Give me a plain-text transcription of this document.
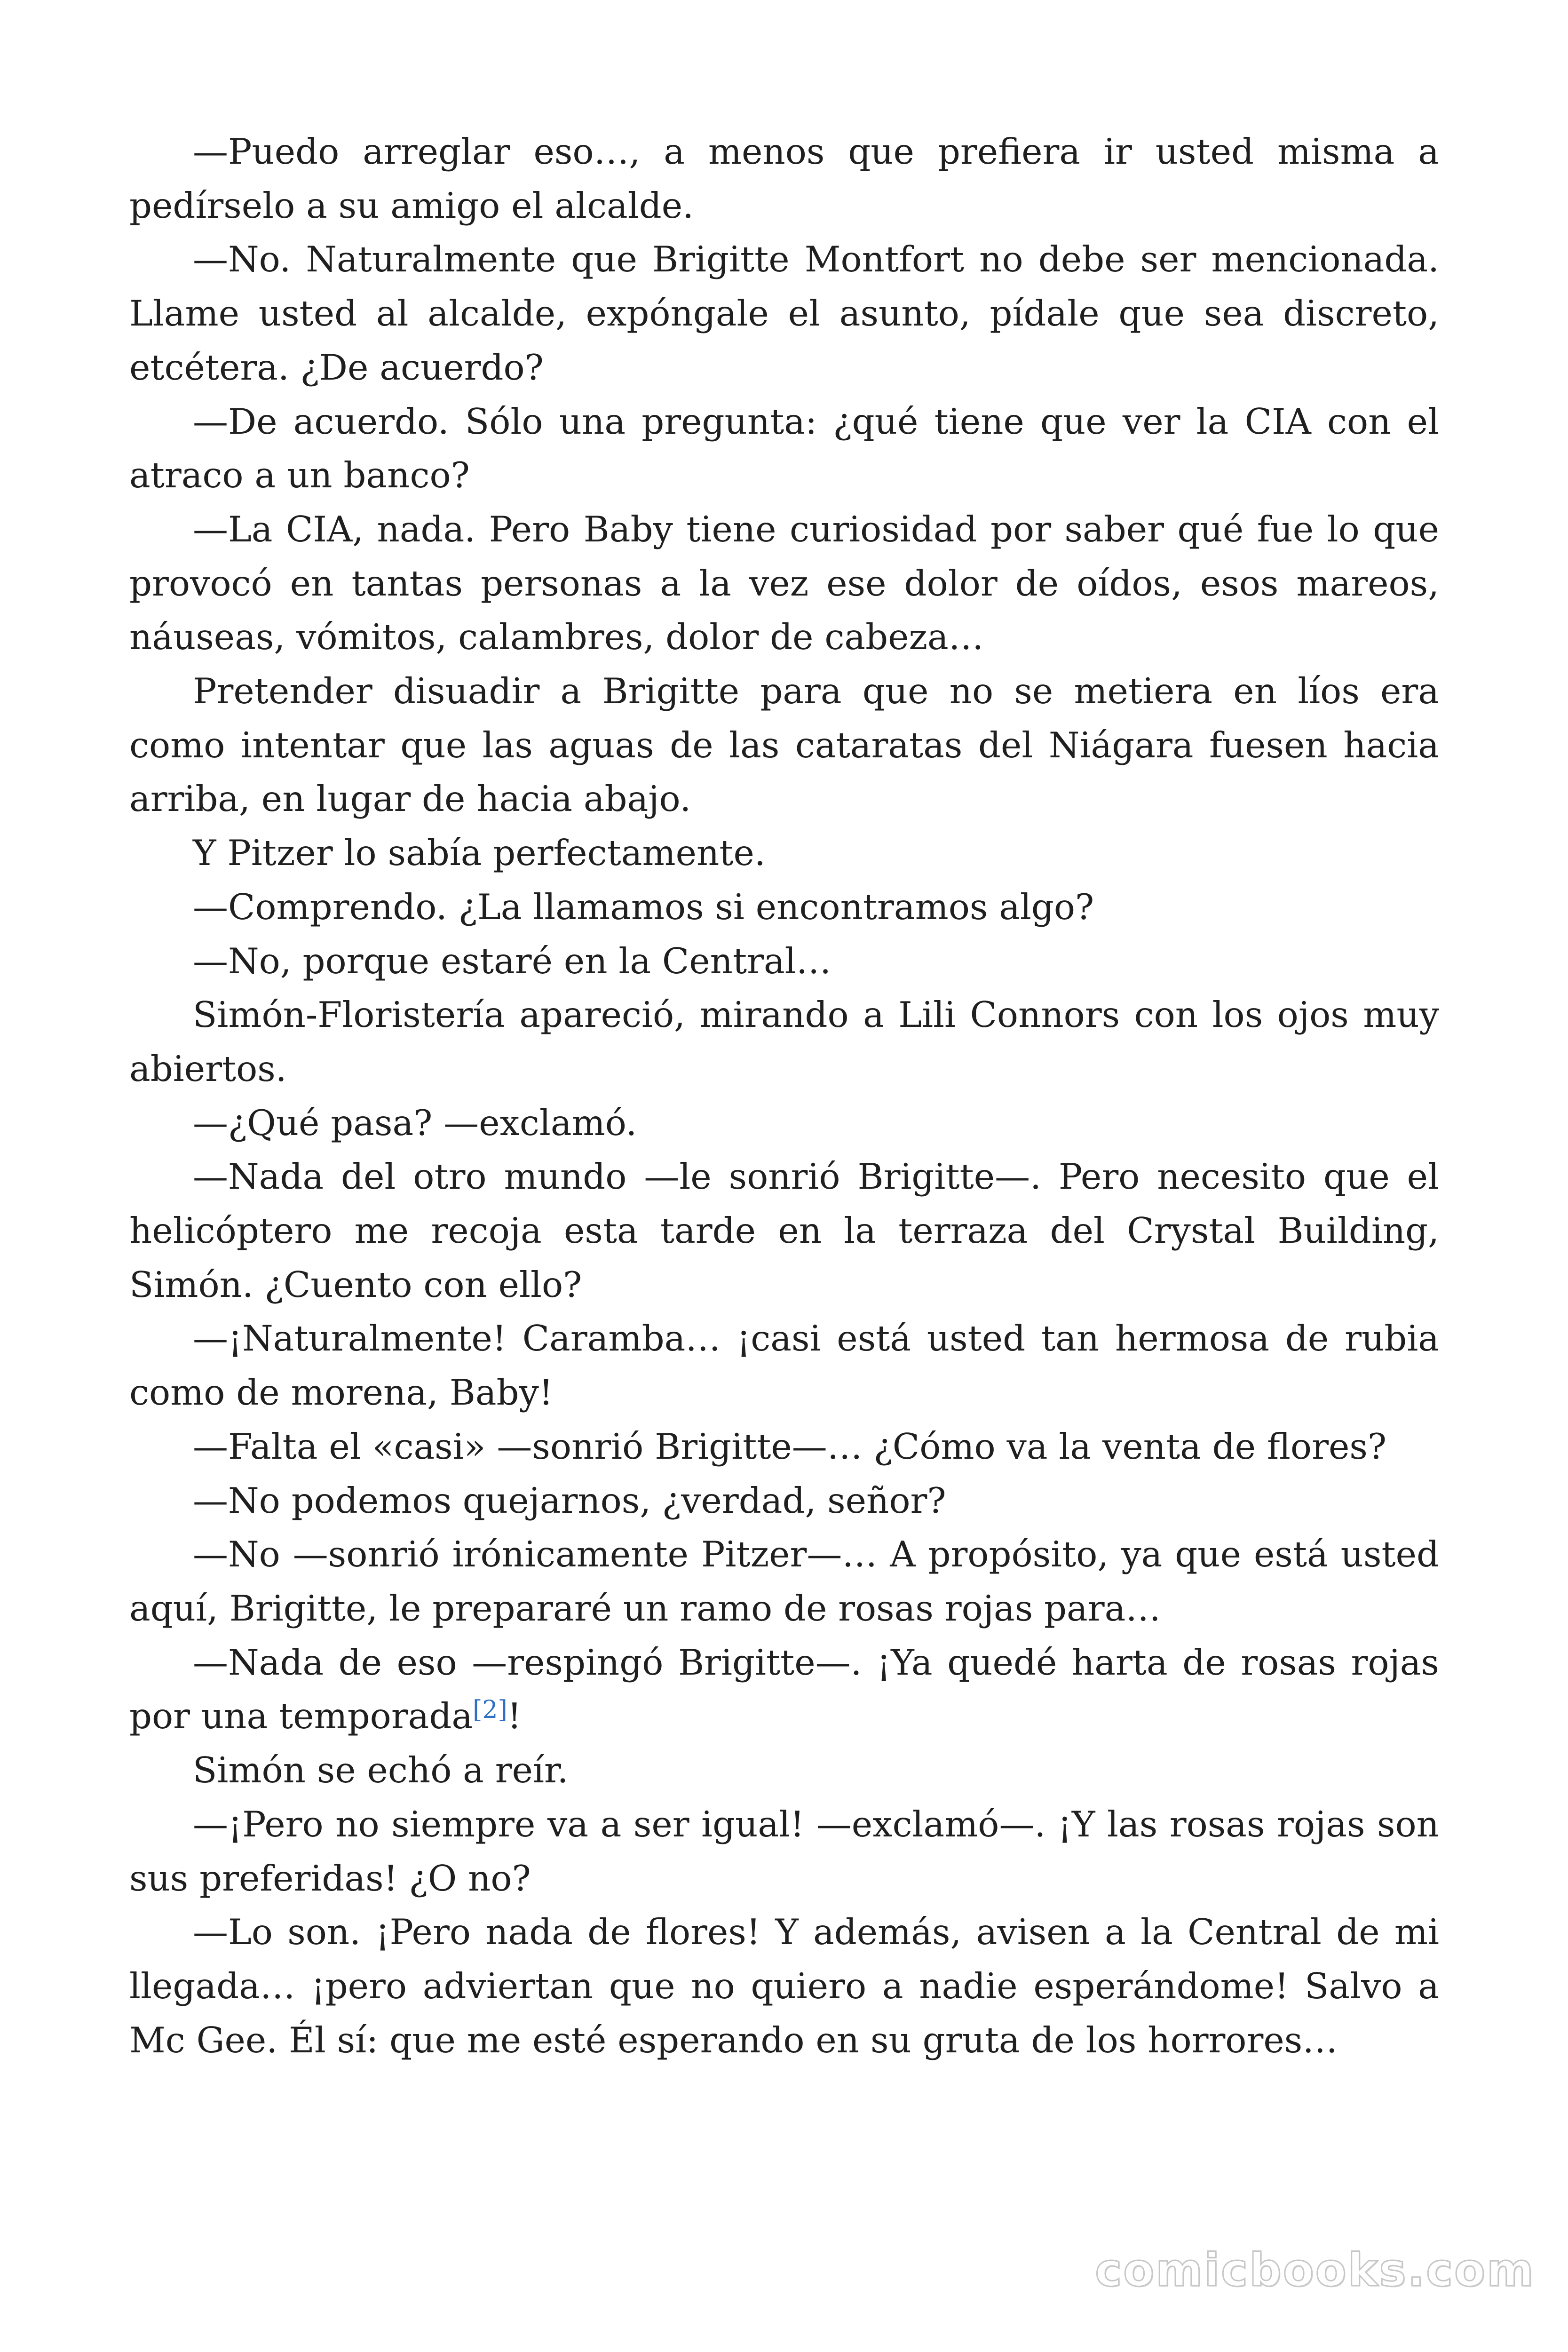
—Puedo arreglar eso…, a menos que prefiera ir usted misma a pedírselo a su amigo el alcalde.

—No. Naturalmente que Brigitte Montfort no debe ser mencionada. Llame usted al alcalde, expóngale el asunto, pídale que sea discreto, etcétera. ¿De acuerdo?

—De acuerdo. Sólo una pregunta: ¿qué tiene que ver la CIA con el atraco a un banco?

—La CIA, nada. Pero Baby tiene curiosidad por saber qué fue lo que provocó en tantas personas a la vez ese dolor de oídos, esos mareos, náuseas, vómitos, calambres, dolor de cabeza…

Pretender disuadir a Brigitte para que no se metiera en líos era como intentar que las aguas de las cataratas del Niágara fuesen hacia arriba, en lugar de hacia abajo.

Y Pitzer lo sabía perfectamente.

—Comprendo. ¿La llamamos si encontramos algo?

—No, porque estaré en la Central…

Simón-Floristería apareció, mirando a Lili Connors con los ojos muy abiertos.

—¿Qué pasa? —exclamó.

—Nada del otro mundo —le sonrió Brigitte—. Pero necesito que el helicóptero me recoja esta tarde en la terraza del Crystal Building, Simón. ¿Cuento con ello?

—¡Naturalmente! Caramba… ¡casi está usted tan hermosa de rubia como de morena, Baby!

—Falta el «casi» —sonrió Brigitte—… ¿Cómo va la venta de flores?

—No podemos quejarnos, ¿verdad, señor?

—No —sonrió irónicamente Pitzer—… A propósito, ya que está usted aquí, Brigitte, le prepararé un ramo de rosas rojas para…

—Nada de eso —respingó Brigitte—. ¡Ya quedé harta de rosas rojas por una temporada[2]!

Simón se echó a reír.

—¡Pero no siempre va a ser igual! —exclamó—. ¡Y las rosas rojas son sus preferidas! ¿O no?

—Lo son. ¡Pero nada de flores! Y además, avisen a la Central de mi llegada… ¡pero adviertan que no quiero a nadie esperándome! Salvo a Mc Gee. Él sí: que me esté esperando en su gruta de los horrores…

comicbooks.com
